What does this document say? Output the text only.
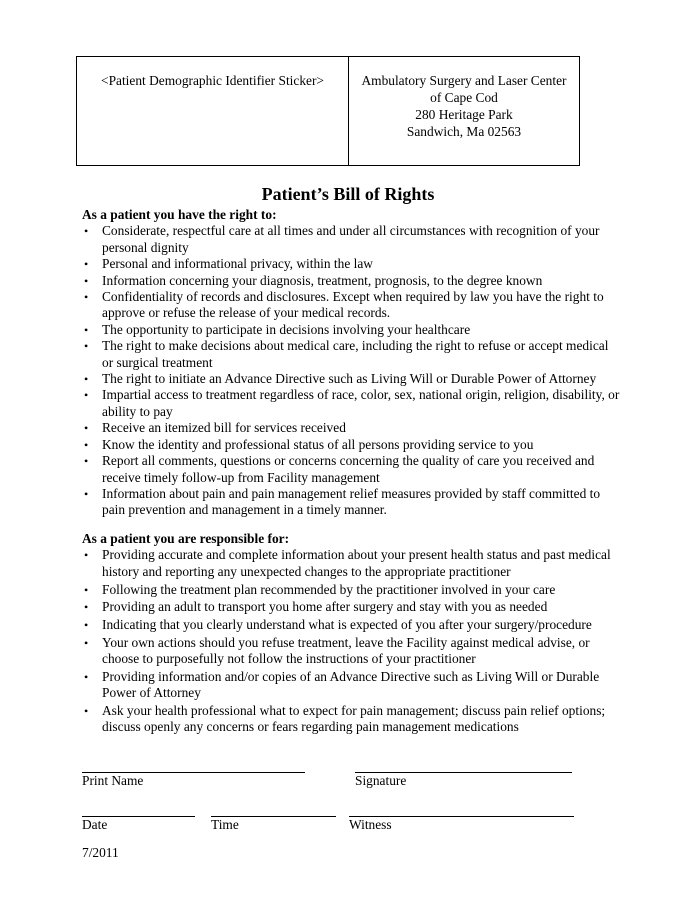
<Patient Demographic Identifier Sticker>	Ambulatory Surgery and Laser Center
of Cape Cod
280 Heritage Park
Sandwich, Ma 02563
Patient’s Bill of Rights
As a patient you have the right to:
• Considerate, respectful care at all times and under all circumstances with recognition of your personal dignity
• Personal and informational privacy, within the law
• Information concerning your diagnosis, treatment, prognosis, to the degree known
• Confidentiality of records and disclosures. Except when required by law you have the right to approve or refuse the release of your medical records.
• The opportunity to participate in decisions involving your healthcare
• The right to make decisions about medical care, including the right to refuse or accept medical or surgical treatment
• The right to initiate an Advance Directive such as Living Will or Durable Power of Attorney
• Impartial access to treatment regardless of race, color, sex, national origin, religion, disability, or ability to pay
• Receive an itemized bill for services received
• Know the identity and professional status of all persons providing service to you
• Report all comments, questions or concerns concerning the quality of care you received and receive timely follow-up from Facility management
• Information about pain and pain management relief measures provided by staff committed to pain prevention and management in a timely manner.
As a patient you are responsible for:
• Providing accurate and complete information about your present health status and past medical history and reporting any unexpected changes to the appropriate practitioner
• Following the treatment plan recommended by the practitioner involved in your care
• Providing an adult to transport you home after surgery and stay with you as needed
• Indicating that you clearly understand what is expected of you after your surgery/procedure
• Your own actions should you refuse treatment, leave the Facility against medical advise, or choose to purposefully not follow the instructions of your practitioner
• Providing information and/or copies of an Advance Directive such as Living Will or Durable Power of Attorney
• Ask your health professional what to expect for pain management; discuss pain relief options; discuss openly any concerns or fears regarding pain management medications
Print Name	Signature
Date	Time	Witness
7/2011
